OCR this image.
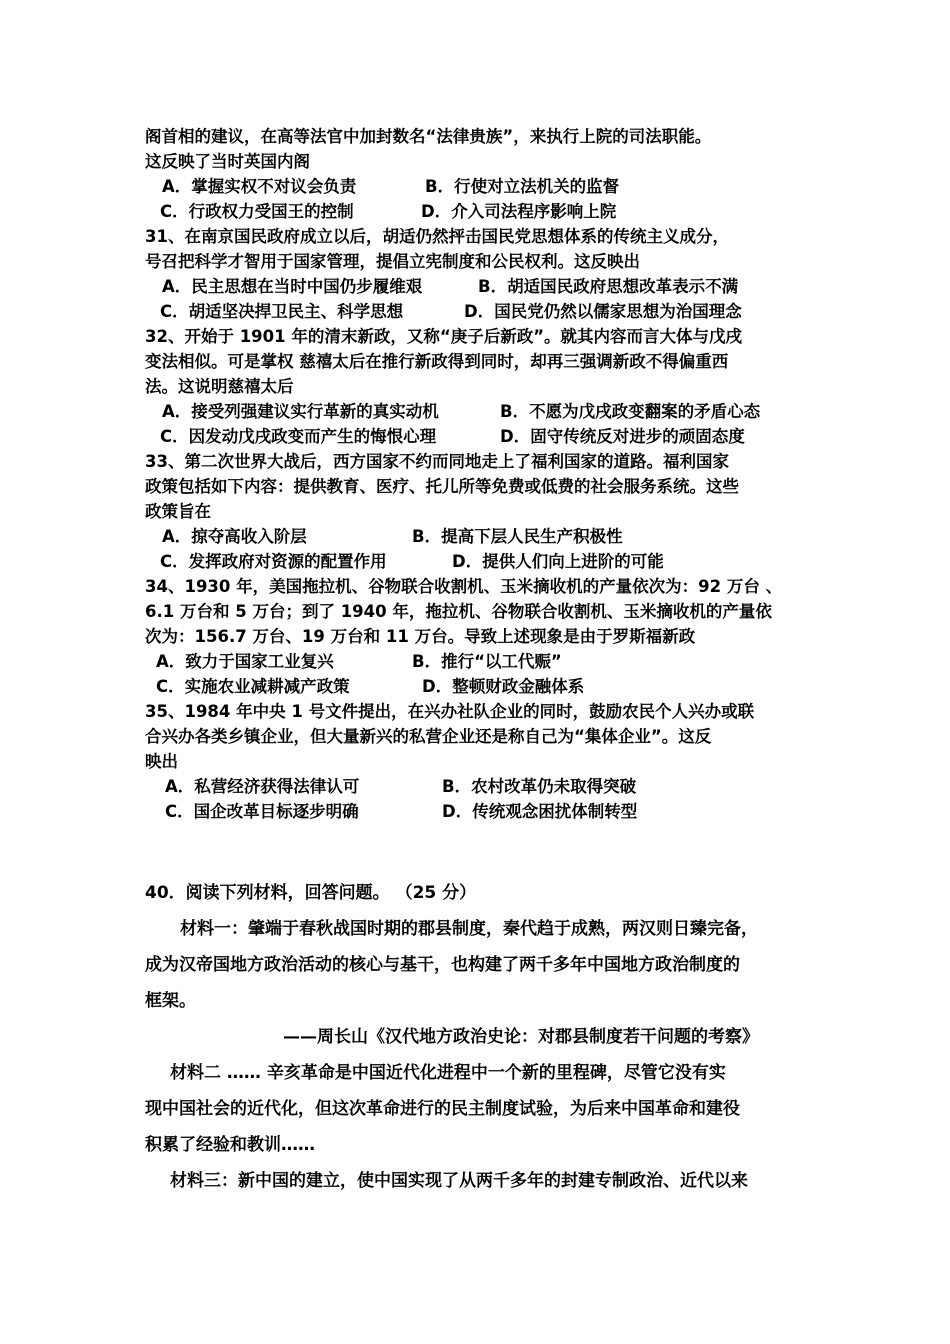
阁首相的建议，在高等法官中加封数名“法律贵族”，来执行上院的司法职能。
这反映了当时英国内阁
A．掌握实权不对议会负责	B．行使对立法机关的监督
C．行政权力受国王的控制	D．介入司法程序影响上院
31、在南京国民政府成立以后，胡适仍然抨击国民党思想体系的传统主义成分，
号召把科学才智用于国家管理，提倡立宪制度和公民权利。这反映出
A．民主思想在当时中国仍步履维艰	B．胡适国民政府思想改革表示不满
C．胡适坚决捍卫民主、科学思想	D．国民党仍然以儒家思想为治国理念
32、开始于 1901 年的清末新政，又称“庚子后新政”。就其内容而言大体与戊戌
变法相似。可是掌权 慈禧太后在推行新政得到同时，却再三强调新政不得偏重西
法。这说明慈禧太后
A．接受列强建议实行革新的真实动机	B．不愿为戊戌政变翻案的矛盾心态
C．因发动戊戌政变而产生的悔恨心理	D．固守传统反对进步的顽固态度
33、第二次世界大战后，西方国家不约而同地走上了福利国家的道路。福利国家
政策包括如下内容：提供教育、医疗、托儿所等免费或低费的社会服务系统。这些
政策旨在
A．掠夺高收入阶层	B．提高下层人民生产积极性
C．发挥政府对资源的配置作用	D．提供人们向上进阶的可能
34、1930 年，美国拖拉机、谷物联合收割机、玉米摘收机的产量依次为：92 万台 、
6.1 万台和 5 万台；到了 1940 年，拖拉机、谷物联合收割机、玉米摘收机的产量依
次为：156.7 万台、19 万台和 11 万台。导致上述现象是由于罗斯福新政
A．致力于国家工业复兴	B．推行“以工代赈”
C．实施农业减耕减产政策	D．整顿财政金融体系
35、1984 年中央 1 号文件提出，在兴办社队企业的同时，鼓励农民个人兴办或联
合兴办各类乡镇企业，但大量新兴的私营企业还是称自己为“集体企业”。这反
映出
A．私营经济获得法律认可	B．农村改革仍未取得突破
C．国企改革目标逐步明确	D．传统观念困扰体制转型
40．阅读下列材料，回答问题。 （25 分）
材料一：肇端于春秋战国时期的郡县制度，秦代趋于成熟，两汉则日臻完备，
成为汉帝国地方政治活动的核心与基干，也构建了两千多年中国地方政治制度的
框架。
——周长山《汉代地方政治史论：对郡县制度若干问题的考察》
材料二 …… 辛亥革命是中国近代化进程中一个新的里程碑，尽管它没有实
现中国社会的近代化，但这次革命进行的民主制度试验，为后来中国革命和建役
积累了经验和教训……
材料三：新中国的建立，使中国实现了从两千多年的封建专制政治、近代以来
